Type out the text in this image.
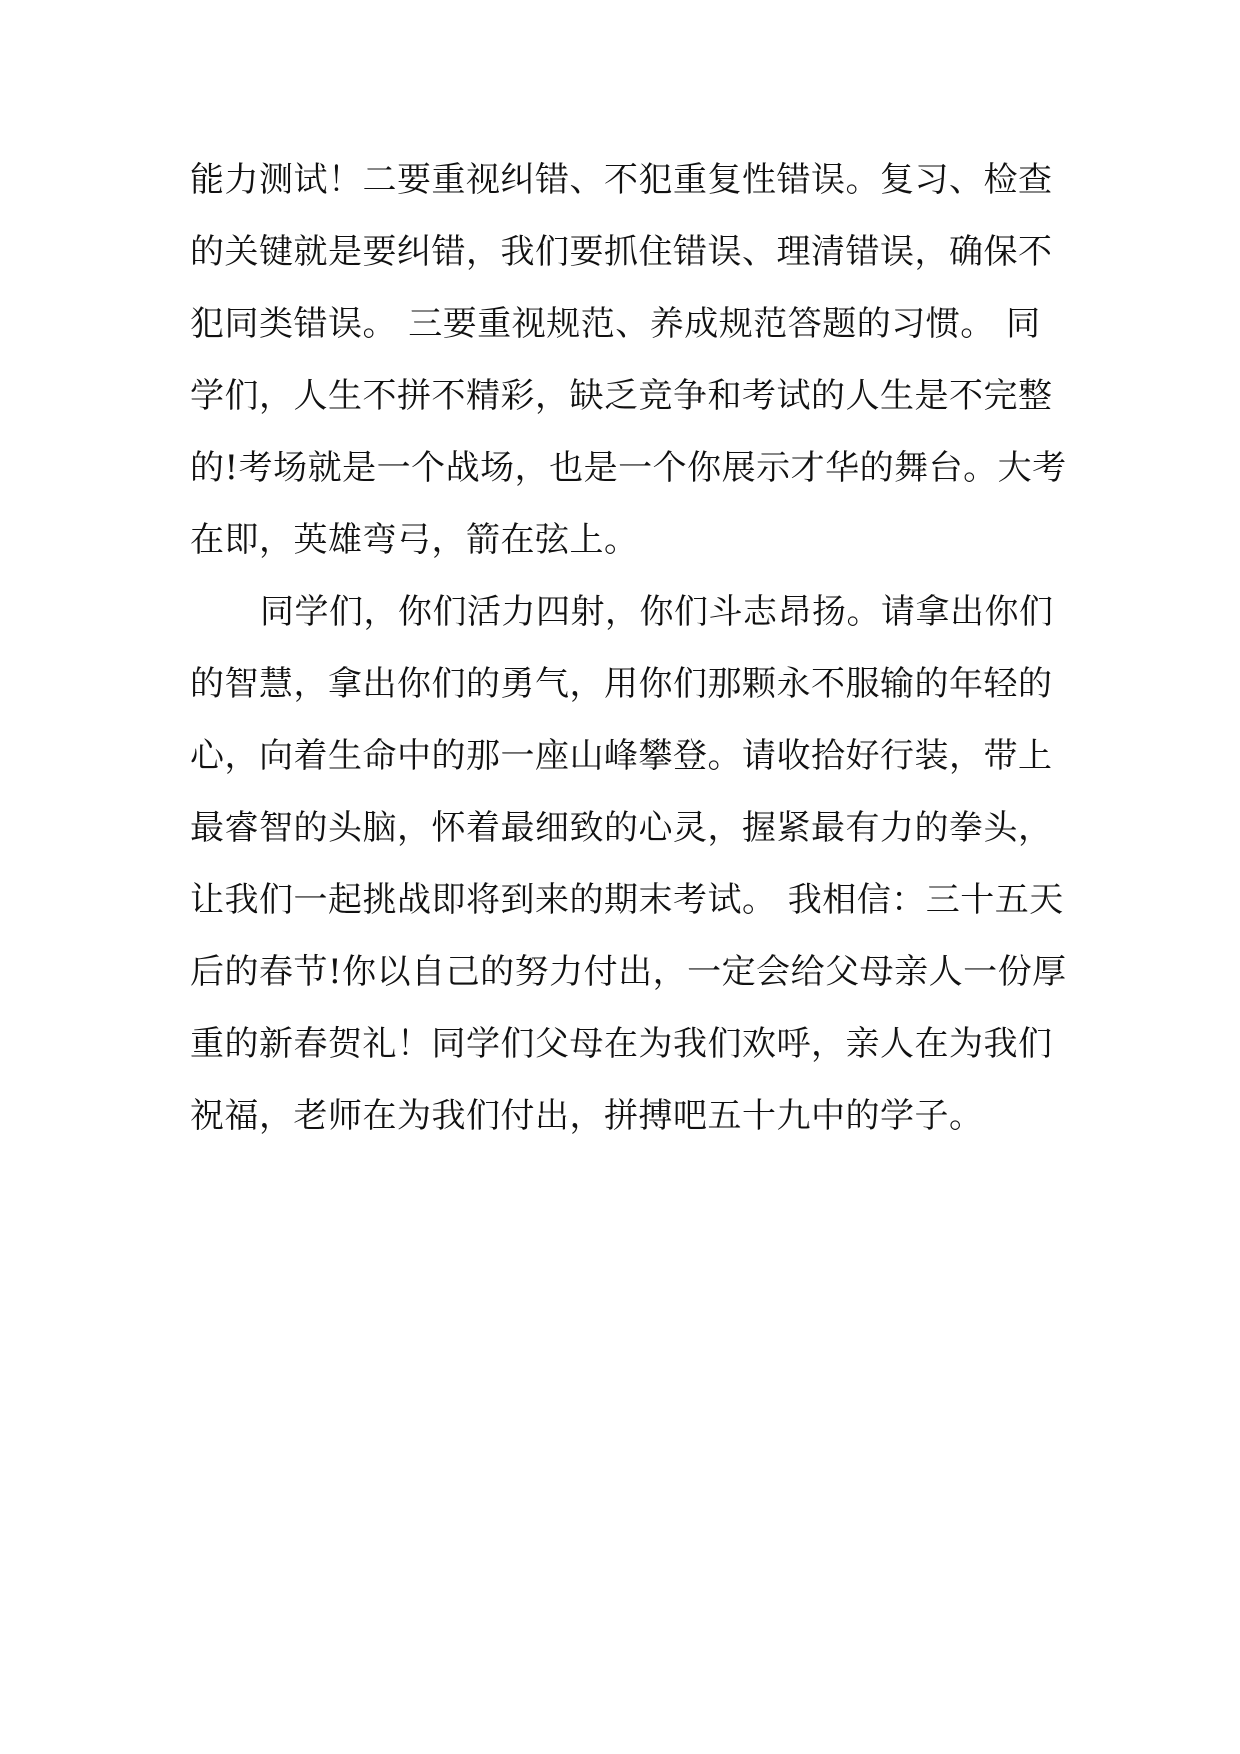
能力测试！二要重视纠错、不犯重复性错误。复习、检查
的关键就是要纠错，我们要抓住错误、理清错误，确保不
犯同类错误。 三要重视规范、养成规范答题的习惯。 同
学们，人生不拼不精彩，缺乏竞争和考试的人生是不完整
的!考场就是一个战场，也是一个你展示才华的舞台。大考
在即，英雄弯弓，箭在弦上。
同学们，你们活力四射，你们斗志昂扬。请拿出你们
的智慧，拿出你们的勇气，用你们那颗永不服输的年轻的
心，向着生命中的那一座山峰攀登。请收拾好行装，带上
最睿智的头脑，怀着最细致的心灵，握紧最有力的拳头，
让我们一起挑战即将到来的期末考试。 我相信：三十五天
后的春节!你以自己的努力付出，一定会给父母亲人一份厚
重的新春贺礼！同学们父母在为我们欢呼，亲人在为我们
祝福，老师在为我们付出，拼搏吧五十九中的学子。
